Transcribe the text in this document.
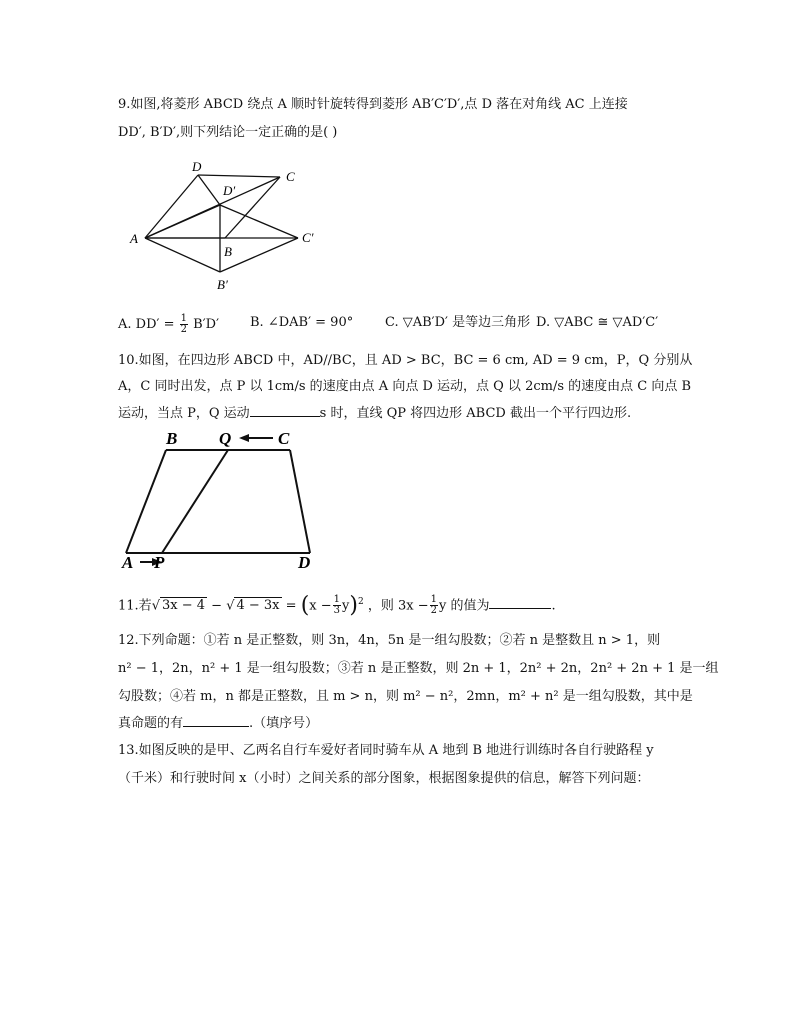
9.如图,将菱形 ABCD 绕点 A 顺时针旋转得到菱形 AB′C′D′,点 D 落在对角线 AC 上连接
DD′, B′D′,则下列结论一定正确的是( )
D
C
D′
A
B
C′
B′
A. $DD' = \frac{1}{2} B'D'$ B. ∠DAB′ = 90° C. ▽AB′D′ 是等边三角形 D. ▽ABC ≅ ▽AD′C′
10.如图，在四边形 ABCD 中，AD//BC，且 AD > BC，BC = 6 cm, AD = 9 cm，P，Q 分别从
A，C 同时出发，点 P 以 1cm/s 的速度由点 A 向点 D 运动，点 Q 以 2cm/s 的速度由点 C 向点 B
运动，当点 P，Q 运动	s 时，直线 QP 将四边形 ABCD 截出一个平行四边形.
B Q	C
A P	D
11.若√ 3x − 4 − √ $4 - 3x = (x - \frac{1}{3} y)^2$ ，则 $3x - \frac{1}{2}$ y 的值为	.
12.下列命题：①若 n 是正整数，则 3n，4n，5n 是一组勾股数；②若 n 是整数且 n > 1，则
n² − 1，2n，n² + 1 是一组勾股数；③若 n 是正整数，则 2n + 1，2n² + 2n，2n² + 2n + 1 是一组
勾股数；④若 m，n 都是正整数，且 m > n，则 m² − n²，2mn，m² + n² 是一组勾股数，其中是
真命题的有	.（填序号）
13.如图反映的是甲、乙两名自行车爱好者同时骑车从 A 地到 B 地进行训练时各自行驶路程 y
（千米）和行驶时间 x（小时）之间关系的部分图象，根据图象提供的信息，解答下列问题：
